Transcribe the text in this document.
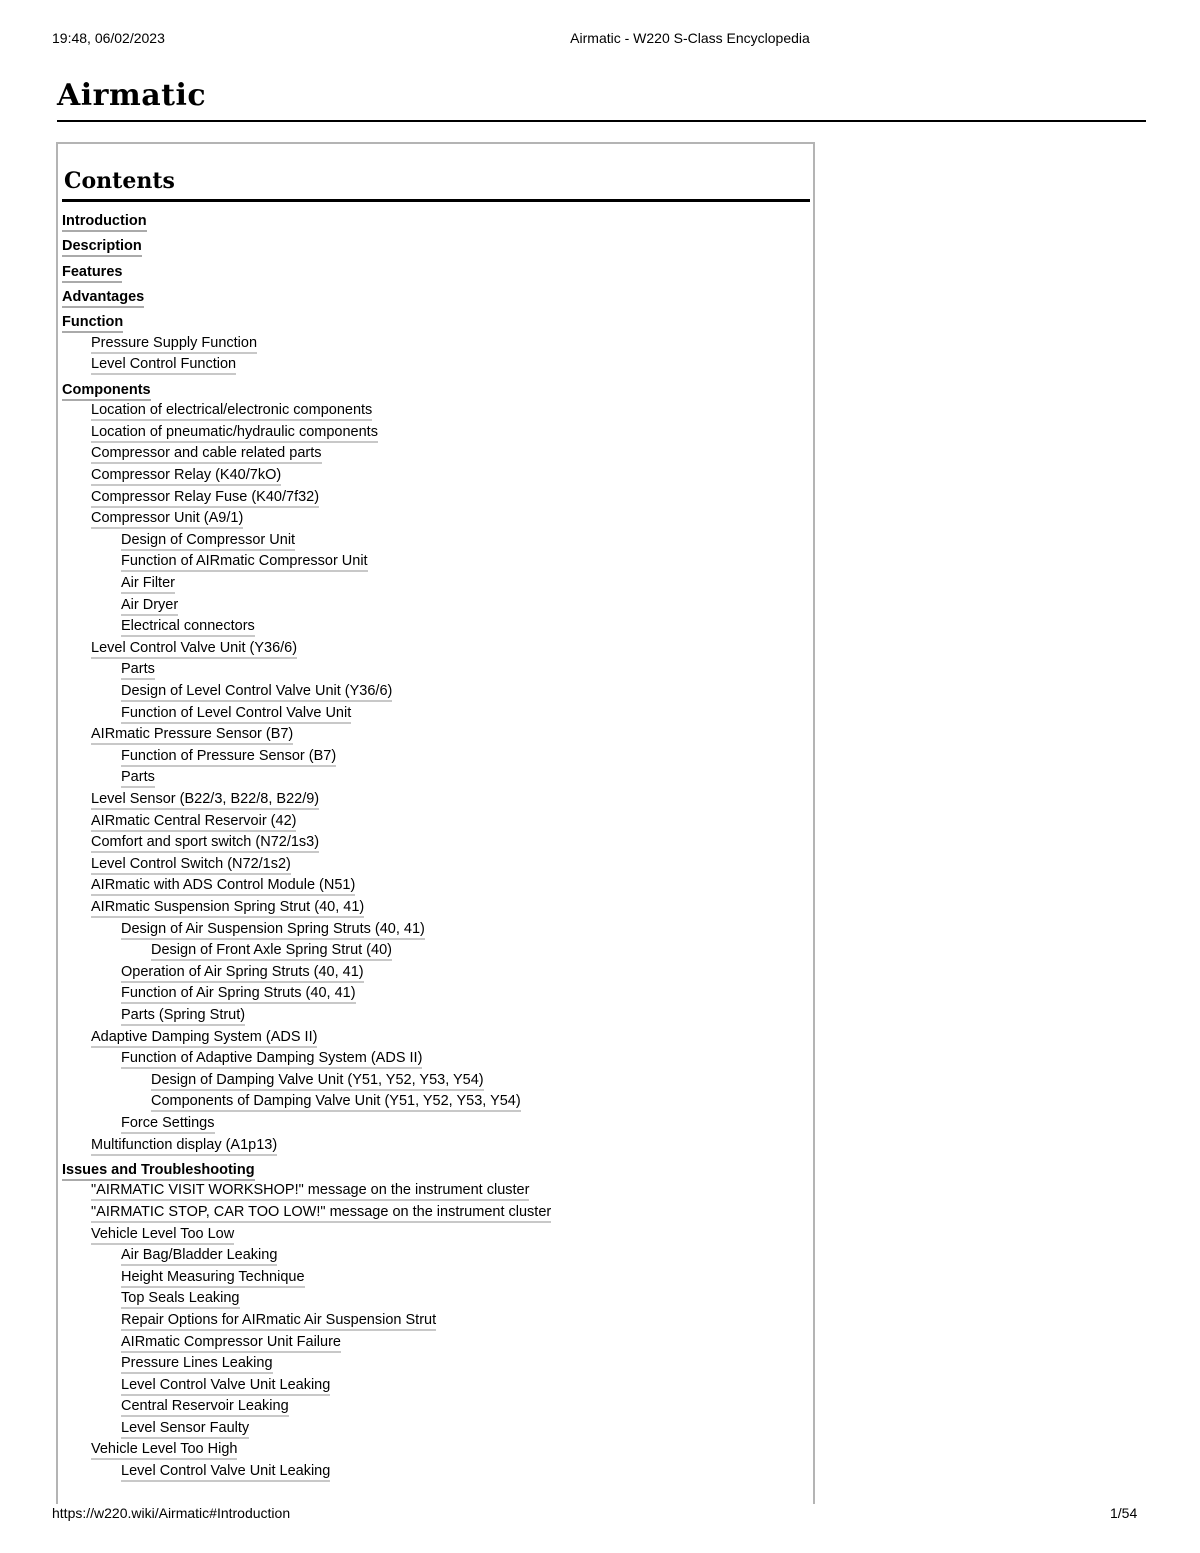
19:48, 06/02/2023	Airmatic - W220 S-Class Encyclopedia
Airmatic
Contents
Introduction
Description
Features
Advantages
Function
Pressure Supply Function
Level Control Function
Components
Location of electrical/electronic components
Location of pneumatic/hydraulic components
Compressor and cable related parts
Compressor Relay (K40/7kO)
Compressor Relay Fuse (K40/7f32)
Compressor Unit (A9/1)
Design of Compressor Unit
Function of AIRmatic Compressor Unit
Air Filter
Air Dryer
Electrical connectors
Level Control Valve Unit (Y36/6)
Parts
Design of Level Control Valve Unit (Y36/6)
Function of Level Control Valve Unit
AIRmatic Pressure Sensor (B7)
Function of Pressure Sensor (B7)
Parts
Level Sensor (B22/3, B22/8, B22/9)
AIRmatic Central Reservoir (42)
Comfort and sport switch (N72/1s3)
Level Control Switch (N72/1s2)
AIRmatic with ADS Control Module (N51)
AIRmatic Suspension Spring Strut (40, 41)
Design of Air Suspension Spring Struts (40, 41)
Design of Front Axle Spring Strut (40)
Operation of Air Spring Struts (40, 41)
Function of Air Spring Struts (40, 41)
Parts (Spring Strut)
Adaptive Damping System (ADS II)
Function of Adaptive Damping System (ADS II)
Design of Damping Valve Unit (Y51, Y52, Y53, Y54)
Components of Damping Valve Unit (Y51, Y52, Y53, Y54)
Force Settings
Multifunction display (A1p13)
Issues and Troubleshooting
"AIRMATIC VISIT WORKSHOP!" message on the instrument cluster
"AIRMATIC STOP, CAR TOO LOW!" message on the instrument cluster
Vehicle Level Too Low
Air Bag/Bladder Leaking
Height Measuring Technique
Top Seals Leaking
Repair Options for AIRmatic Air Suspension Strut
AIRmatic Compressor Unit Failure
Pressure Lines Leaking
Level Control Valve Unit Leaking
Central Reservoir Leaking
Level Sensor Faulty
Vehicle Level Too High
Level Control Valve Unit Leaking
https://w220.wiki/Airmatic#Introduction	1/54
